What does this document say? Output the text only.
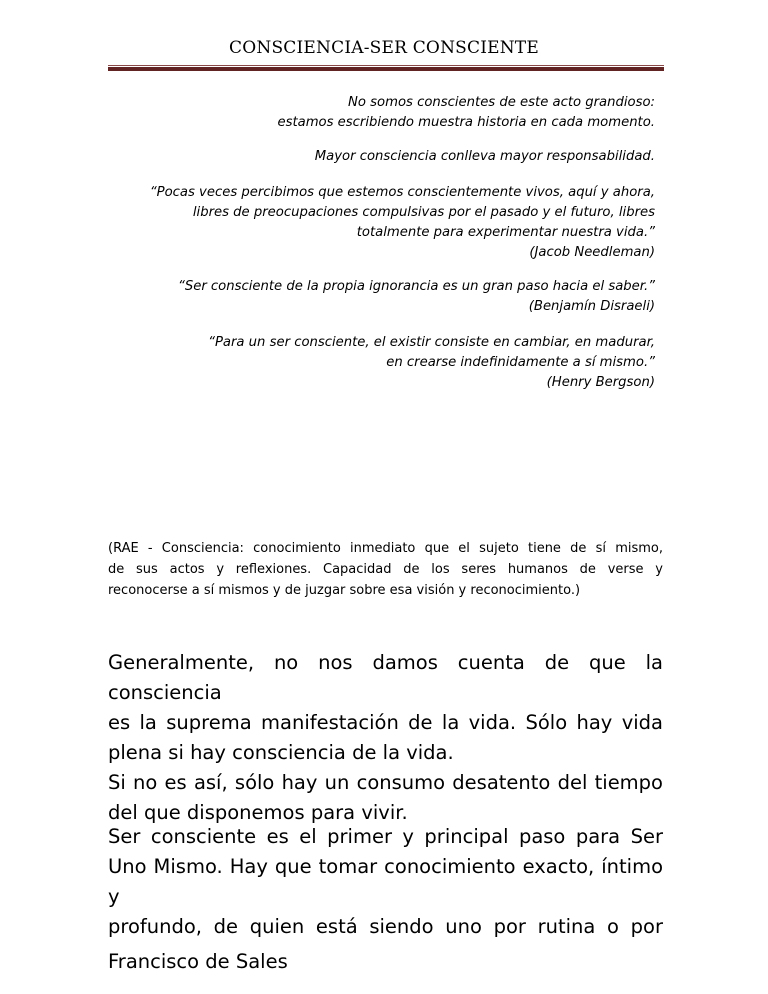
CONSCIENCIA-SER CONSCIENTE
No somos conscientes de este acto grandioso:
estamos escribiendo muestra historia en cada momento.
Mayor consciencia conlleva mayor responsabilidad.
“Pocas veces percibimos que estemos conscientemente vivos, aquí y ahora,
libres de preocupaciones compulsivas por el pasado y el futuro, libres
totalmente para experimentar nuestra vida.”
(Jacob Needleman)
“Ser consciente de la propia ignorancia es un gran paso hacia el saber.”
(Benjamín Disraeli)
“Para un ser consciente, el existir consiste en cambiar, en madurar,
en crearse indefinidamente a sí mismo.”
(Henry Bergson)
(RAE - Consciencia: conocimiento inmediato que el sujeto tiene de sí mismo,
de sus actos y reflexiones. Capacidad de los seres humanos de verse y
reconocerse a sí mismos y de juzgar sobre esa visión y reconocimiento.)
Generalmente, no nos damos cuenta de que la consciencia
es la suprema manifestación de la vida. Sólo hay vida
plena si hay consciencia de la vida.
Si no es así, sólo hay un consumo desatento del tiempo
del que disponemos para vivir.
Ser consciente es el primer y principal paso para Ser
Uno Mismo. Hay que tomar conocimiento exacto, íntimo y
profundo, de quien está siendo uno por rutina o por
Francisco de Sales
